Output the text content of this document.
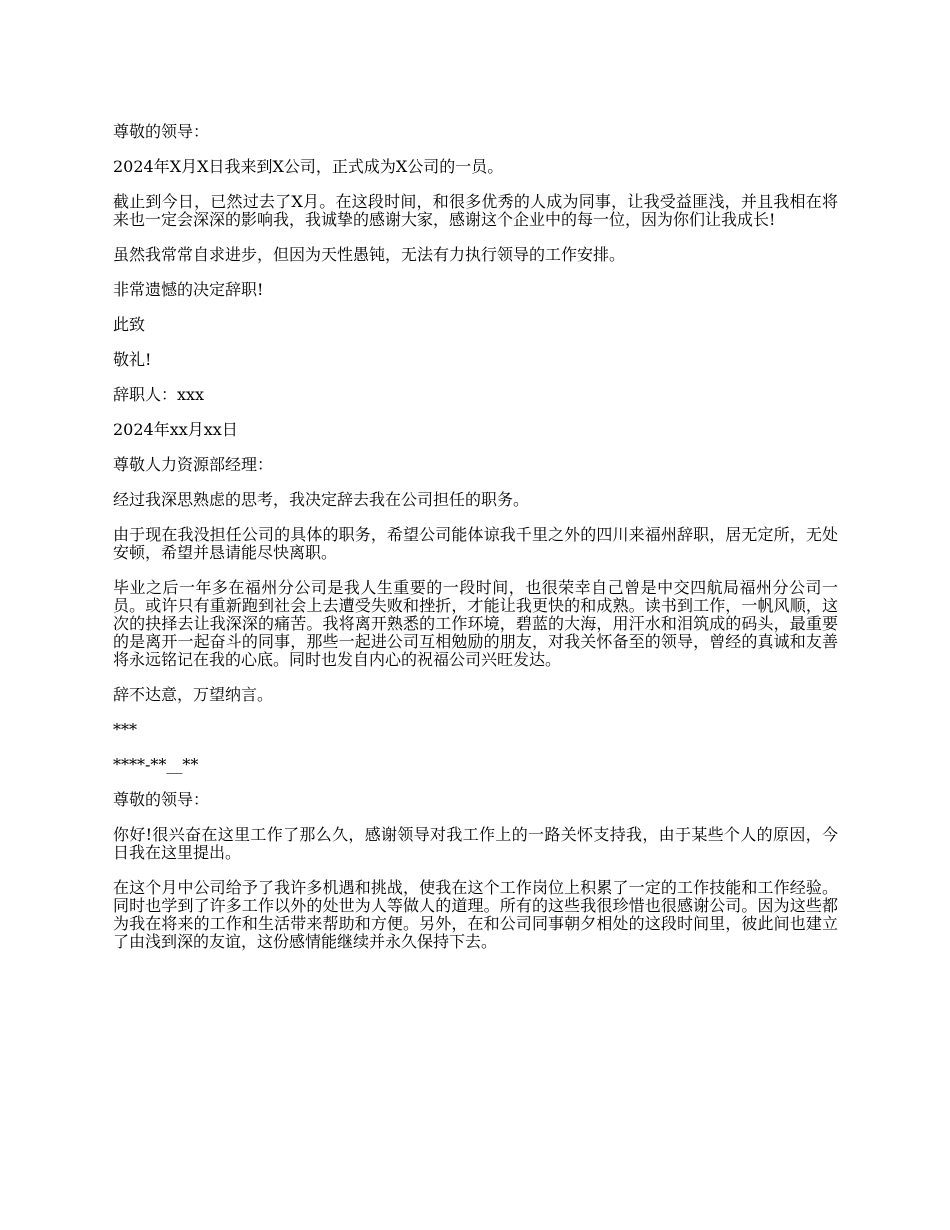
尊敬的领导：

2024年X月X日我来到X公司，正式成为X公司的一员。

截止到今日，已然过去了X月。在这段时间，和很多优秀的人成为同事，让我受益匪浅，并且我相在将来也一定会深深的影响我，我诚挚的感谢大家，感谢这个企业中的每一位，因为你们让我成长!

虽然我常常自求进步，但因为天性愚钝，无法有力执行领导的工作安排。

非常遗憾的决定辞职!

此致

敬礼!

辞职人：xxx

2024年xx月xx日

尊敬人力资源部经理：

经过我深思熟虑的思考，我决定辞去我在公司担任的职务。

由于现在我没担任公司的具体的职务，希望公司能体谅我千里之外的四川来福州辞职，居无定所，无处安顿，希望并恳请能尽快离职。

毕业之后一年多在福州分公司是我人生重要的一段时间，也很荣幸自己曾是中交四航局福州分公司一员。或许只有重新跑到社会上去遭受失败和挫折，才能让我更快的和成熟。读书到工作，一帆风顺，这次的抉择去让我深深的痛苦。我将离开熟悉的工作环境，碧蓝的大海，用汗水和泪筑成的码头，最重要的是离开一起奋斗的同事，那些一起进公司互相勉励的朋友，对我关怀备至的领导，曾经的真诚和友善将永远铭记在我的心底。同时也发自内心的祝福公司兴旺发达。

辞不达意，万望纳言。

***

****-**__**

尊敬的领导：

你好!很兴奋在这里工作了那么久，感谢领导对我工作上的一路关怀支持我，由于某些个人的原因，今日我在这里提出。

在这个月中公司给予了我许多机遇和挑战，使我在这个工作岗位上积累了一定的工作技能和工作经验。同时也学到了许多工作以外的处世为人等做人的道理。所有的这些我很珍惜也很感谢公司。因为这些都为我在将来的工作和生活带来帮助和方便。另外，在和公司同事朝夕相处的这段时间里，彼此间也建立了由浅到深的友谊，这份感情能继续并永久保持下去。
